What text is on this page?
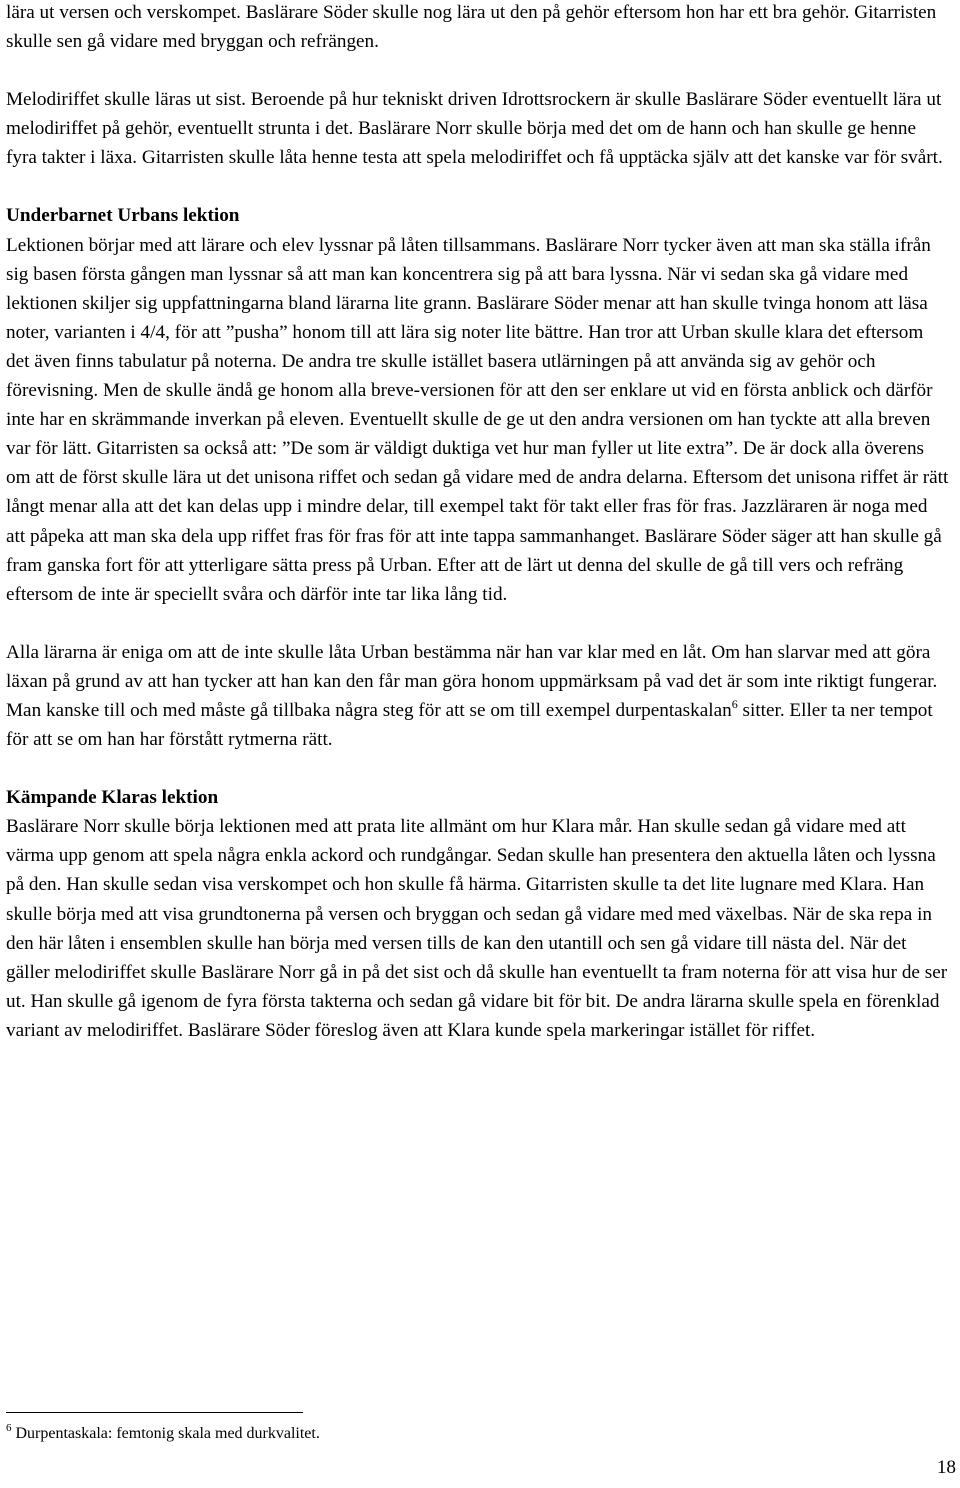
lära ut versen och verskompet. Baslärare Söder skulle nog lära ut den på gehör eftersom hon har ett bra gehör. Gitarristen skulle sen gå vidare med bryggan och refrängen.

Melodiriffet skulle läras ut sist. Beroende på hur tekniskt driven Idrottsrockern är skulle Baslärare Söder eventuellt lära ut melodiriffet på gehör, eventuellt strunta i det. Baslärare Norr skulle börja med det om de hann och han skulle ge henne fyra takter i läxa. Gitarristen skulle låta henne testa att spela melodiriffet och få upptäcka själv att det kanske var för svårt.

Underbarnet Urbans lektion

Lektionen börjar med att lärare och elev lyssnar på låten tillsammans. Baslärare Norr tycker även att man ska ställa ifrån sig basen första gången man lyssnar så att man kan koncentrera sig på att bara lyssna. När vi sedan ska gå vidare med lektionen skiljer sig uppfattningarna bland lärarna lite grann. Baslärare Söder menar att han skulle tvinga honom att läsa noter, varianten i 4/4, för att ”pusha” honom till att lära sig noter lite bättre. Han tror att Urban skulle klara det eftersom det även finns tabulatur på noterna. De andra tre skulle istället basera utlärningen på att använda sig av gehör och förevisning. Men de skulle ändå ge honom alla breve-versionen för att den ser enklare ut vid en första anblick och därför inte har en skrämmande inverkan på eleven. Eventuellt skulle de ge ut den andra versionen om han tyckte att alla breven var för lätt. Gitarristen sa också att: ”De som är väldigt duktiga vet hur man fyller ut lite extra”. De är dock alla överens om att de först skulle lära ut det unisona riffet och sedan gå vidare med de andra delarna. Eftersom det unisona riffet är rätt långt menar alla att det kan delas upp i mindre delar, till exempel takt för takt eller fras för fras. Jazzläraren är noga med att påpeka att man ska dela upp riffet fras för fras för att inte tappa sammanhanget. Baslärare Söder säger att han skulle gå fram ganska fort för att ytterligare sätta press på Urban. Efter att de lärt ut denna del skulle de gå till vers och refräng eftersom de inte är speciellt svåra och därför inte tar lika lång tid.

Alla lärarna är eniga om att de inte skulle låta Urban bestämma när han var klar med en låt. Om han slarvar med att göra läxan på grund av att han tycker att han kan den får man göra honom uppmärksam på vad det är som inte riktigt fungerar. Man kanske till och med måste gå tillbaka några steg för att se om till exempel durpentaskalan$^6$ sitter. Eller ta ner tempot för att se om han har förstått rytmerna rätt.

Kämpande Klaras lektion

Baslärare Norr skulle börja lektionen med att prata lite allmänt om hur Klara mår. Han skulle sedan gå vidare med att värma upp genom att spela några enkla ackord och rundgångar. Sedan skulle han presentera den aktuella låten och lyssna på den. Han skulle sedan visa verskompet och hon skulle få härma. Gitarristen skulle ta det lite lugnare med Klara. Han skulle börja med att visa grundtonerna på versen och bryggan och sedan gå vidare med med växelbas. När de ska repa in den här låten i ensemblen skulle han börja med versen tills de kan den utantill och sen gå vidare till nästa del. När det gäller melodiriffet skulle Baslärare Norr gå in på det sist och då skulle han eventuellt ta fram noterna för att visa hur de ser ut. Han skulle gå igenom de fyra första takterna och sedan gå vidare bit för bit. De andra lärarna skulle spela en förenklad variant av melodiriffet. Baslärare Söder föreslog även att Klara kunde spela markeringar istället för riffet.

$^6$ Durpentaskala: femtonig skala med durkvalitet.

18
